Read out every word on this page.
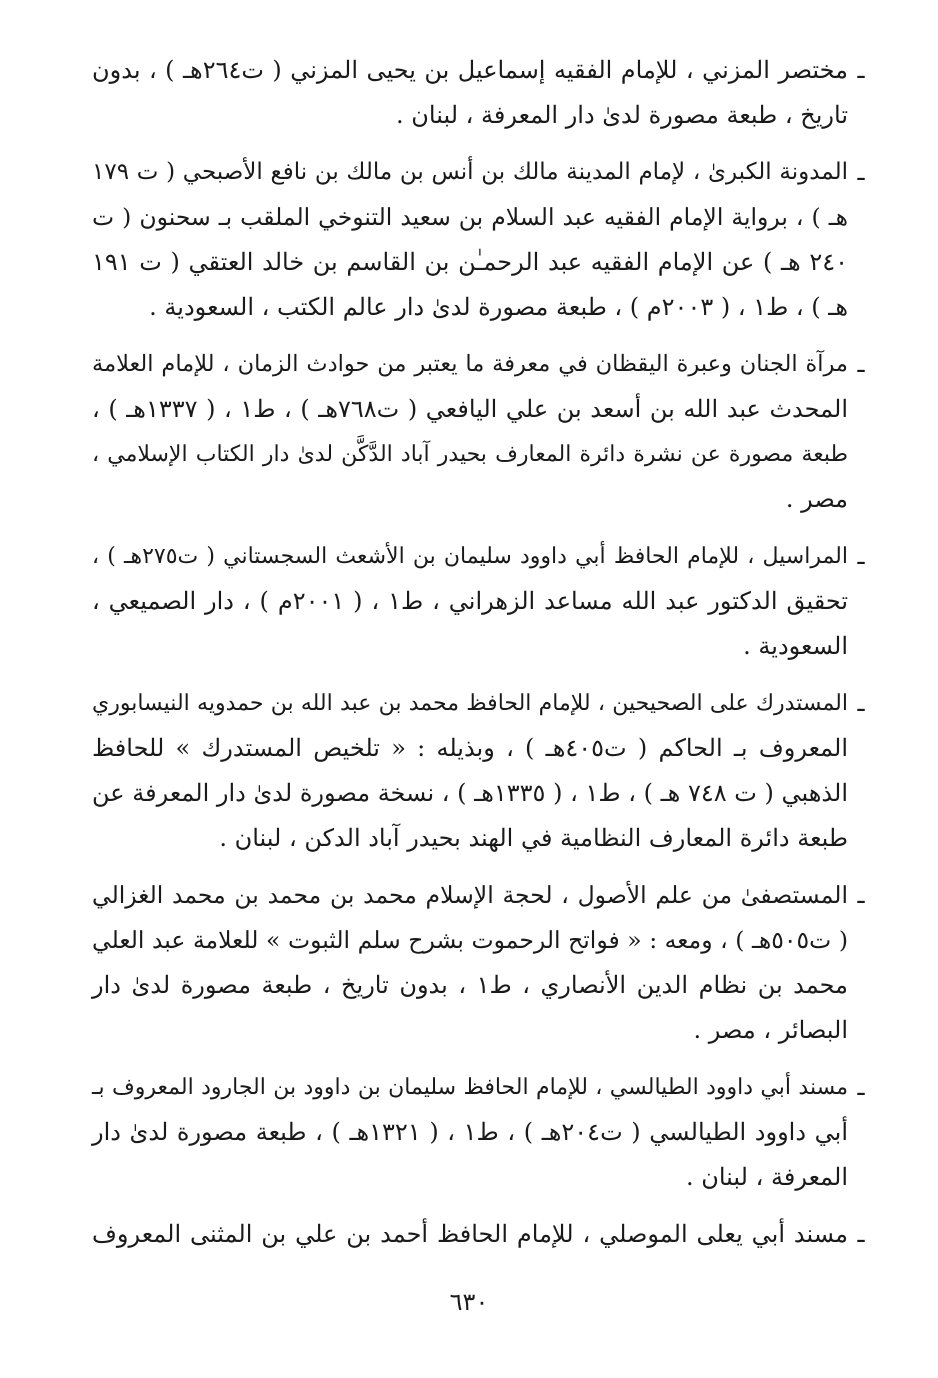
ـ
مختصر المزني ، للإمام الفقيه إسماعيل بن يحيى المزني ( ت٢٦٤هـ ) ، بدون
تاريخ ، طبعة مصورة لدىٰ دار المعرفة ، لبنان .
ـ
المدونة الكبرىٰ ، لإمام المدينة مالك بن أنس بن مالك بن نافع الأصبحي ( ت ١٧٩
هـ ) ، برواية الإمام الفقيه عبد السلام بن سعيد التنوخي الملقب بـ سحنون ( ت
٢٤٠ هـ ) عن الإمام الفقيه عبد الرحمـٰن بن القاسم بن خالد العتقي ( ت ١٩١
هـ ) ، ط١ ، ( ٢٠٠٣م ) ، طبعة مصورة لدىٰ دار عالم الكتب ، السعودية .
ـ
مرآة الجنان وعبرة اليقظان في معرفة ما يعتبر من حوادث الزمان ، للإمام العلامة
المحدث عبد الله بن أسعد بن علي اليافعي ( ت٧٦٨هـ ) ، ط١ ، ( ١٣٣٧هـ ) ،
طبعة مصورة عن نشرة دائرة المعارف بحيدر آباد الدَّكَّن لدىٰ دار الكتاب الإسلامي ،
مصر .
ـ
المراسيل ، للإمام الحافظ أبي داوود سليمان بن الأشعث السجستاني ( ت٢٧٥هـ ) ،
تحقيق الدكتور عبد الله مساعد الزهراني ، ط١ ، ( ٢٠٠١م ) ، دار الصميعي ،
السعودية .
ـ
المستدرك على الصحيحين ، للإمام الحافظ محمد بن عبد الله بن حمدويه النيسابوري
المعروف بـ الحاكم ( ت٤٠٥هـ ) ، وبذيله : « تلخيص المستدرك » للحافظ
الذهبي ( ت ٧٤٨ هـ ) ، ط١ ، ( ١٣٣٥هـ ) ، نسخة مصورة لدىٰ دار المعرفة عن
طبعة دائرة المعارف النظامية في الهند بحيدر آباد الدكن ، لبنان .
ـ
المستصفىٰ من علم الأصول ، لحجة الإسلام محمد بن محمد بن محمد الغزالي
( ت٥٠٥هـ ) ، ومعه : « فواتح الرحموت بشرح سلم الثبوت » للعلامة عبد العلي
محمد بن نظام الدين الأنصاري ، ط١ ، بدون تاريخ ، طبعة مصورة لدىٰ دار
البصائر ، مصر .
ـ
مسند أبي داوود الطيالسي ، للإمام الحافظ سليمان بن داوود بن الجارود المعروف بـ
أبي داوود الطيالسي ( ت٢٠٤هـ ) ، ط١ ، ( ١٣٢١هـ ) ، طبعة مصورة لدىٰ دار
المعرفة ، لبنان .
ـ
مسند أبي يعلى الموصلي ، للإمام الحافظ أحمد بن علي بن المثنى المعروف
٦٣٠
